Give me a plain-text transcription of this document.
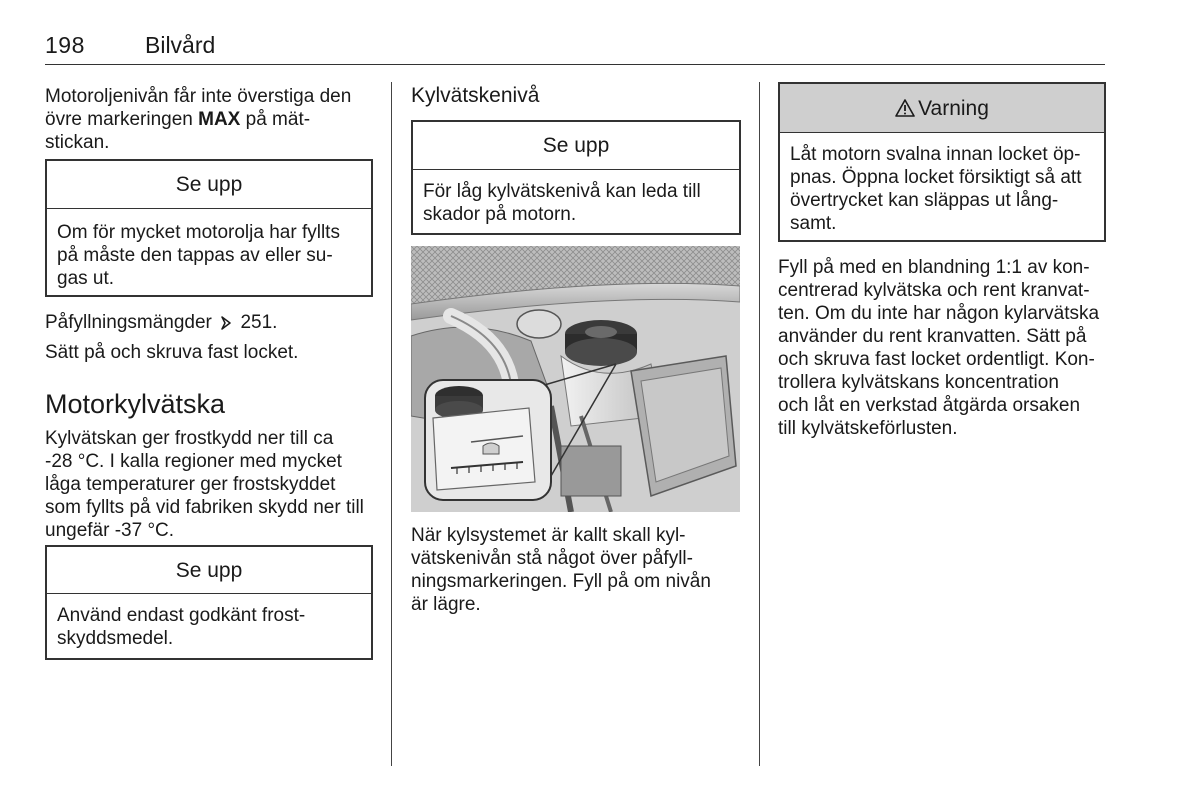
198	Bilvård
Motoroljenivån får inte överstiga den
övre markeringen MAX på mät-
stickan.
Se upp
Om för mycket motorolja har fyllts
på måste den tappas av eller su-
gas ut.
Påfyllningsmängder 251.
Sätt på och skruva fast locket.
Motorkylvätska
Kylvätskan ger frostkydd ner till ca
-28 °C. I kalla regioner med mycket
låga temperaturer ger frostskyddet
som fyllts på vid fabriken skydd ner till
ungefär -37 °C.
Se upp
Använd endast godkänt frost-
skyddsmedel.
Kylvätskenivå
Se upp
För låg kylvätskenivå kan leda till
skador på motorn.
När kylsystemet är kallt skall kyl-
vätskenivån stå något över påfyll-
ningsmarkeringen. Fyll på om nivån
är lägre.
Varning
Låt motorn svalna innan locket öp-
pnas. Öppna locket försiktigt så att
övertrycket kan släppas ut lång-
samt.
Fyll på med en blandning 1:1 av kon-
centrerad kylvätska och rent kranvat-
ten. Om du inte har någon kylarvätska
använder du rent kranvatten. Sätt på
och skruva fast locket ordentligt. Kon-
trollera kylvätskans koncentration
och låt en verkstad åtgärda orsaken
till kylvätskeförlusten.
